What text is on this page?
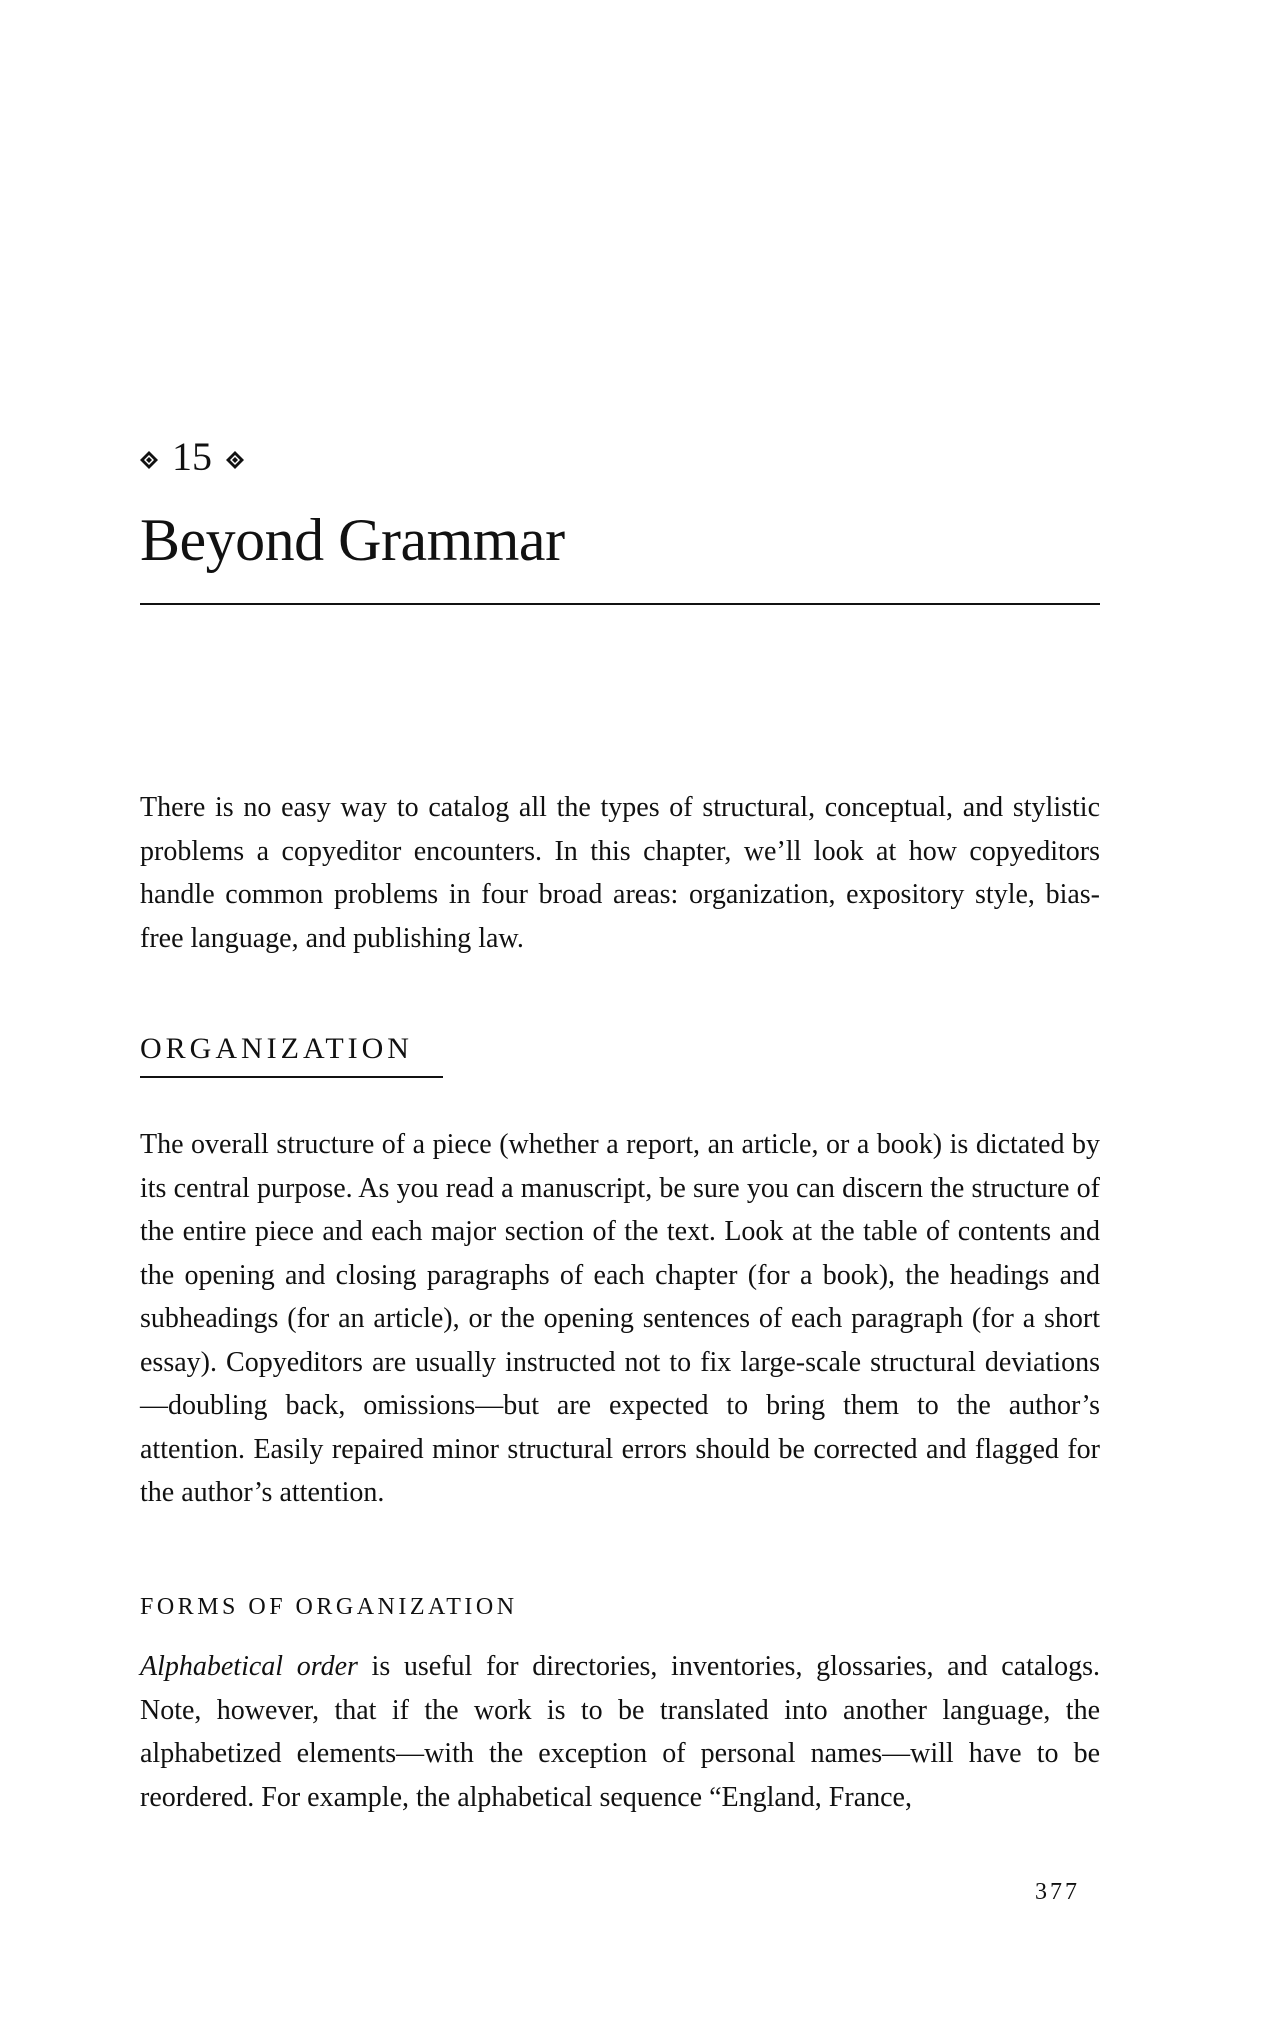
15
Beyond Grammar

There is no easy way to catalog all the types of structural, conceptual, and stylistic problems a copyeditor encounters. In this chapter, we’ll look at how copyeditors handle common problems in four broad areas: organization, expository style, bias-free language, and publishing law.

ORGANIZATION

The overall structure of a piece (whether a report, an article, or a book) is dictated by its central purpose. As you read a manuscript, be sure you can discern the structure of the entire piece and each major section of the text. Look at the table of contents and the opening and closing paragraphs of each chapter (for a book), the headings and subheadings (for an article), or the opening sentences of each paragraph (for a short essay). Copyeditors are usually instructed not to fix large-scale structural deviations—doubling back, omissions—but are expected to bring them to the author’s attention. Easily repaired minor structural errors should be corrected and flagged for the author’s attention.

FORMS OF ORGANIZATION

Alphabetical order is useful for directories, inventories, glossaries, and catalogs. Note, however, that if the work is to be translated into another language, the alphabetized elements—with the exception of personal names—will have to be reordered. For example, the alphabetical sequence “England, France,

377
